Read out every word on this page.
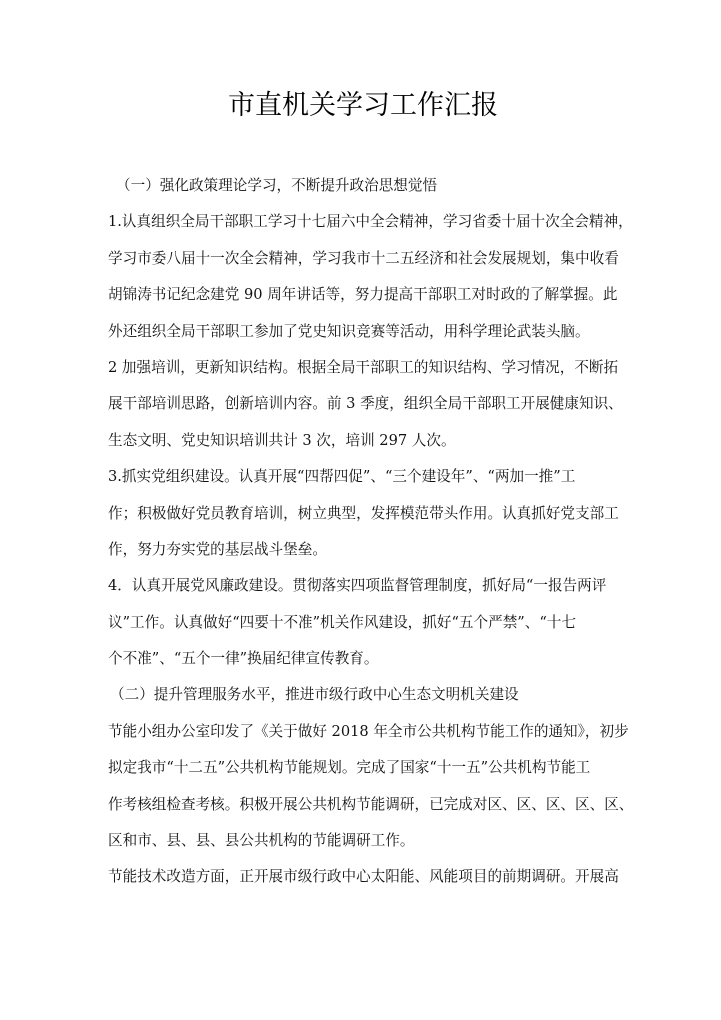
市直机关学习工作汇报
（一）强化政策理论学习，不断提升政治思想觉悟
1.认真组织全局干部职工学习十七届六中全会精神，学习省委十届十次全会精神，
学习市委八届十一次全会精神，学习我市十二五经济和社会发展规划，集中收看
胡锦涛书记纪念建党 90 周年讲话等，努力提高干部职工对时政的了解掌握。此
外还组织全局干部职工参加了党史知识竞赛等活动，用科学理论武装头脑。
2 加强培训，更新知识结构。根据全局干部职工的知识结构、学习情况，不断拓
展干部培训思路，创新培训内容。前 3 季度，组织全局干部职工开展健康知识、
生态文明、党史知识培训共计 3 次，培训 297 人次。
3.抓实党组织建设。认真开展“四帮四促”、“三个建设年”、“两加一推”工
作；积极做好党员教育培训，树立典型，发挥模范带头作用。认真抓好党支部工
作，努力夯实党的基层战斗堡垒。
4．认真开展党风廉政建设。贯彻落实四项监督管理制度，抓好局“一报告两评
议”工作。认真做好“四要十不准”机关作风建设，抓好“五个严禁”、“十七
个不准”、“五个一律”换届纪律宣传教育。
（二）提升管理服务水平，推进市级行政中心生态文明机关建设
节能小组办公室印发了《关于做好 2018 年全市公共机构节能工作的通知》，初步
拟定我市“十二五”公共机构节能规划。完成了国家“十一五”公共机构节能工
作考核组检查考核。积极开展公共机构节能调研，已完成对区、区、区、区、区、
区和市、县、县、县公共机构的节能调研工作。
节能技术改造方面，正开展市级行政中心太阳能、风能项目的前期调研。开展高
